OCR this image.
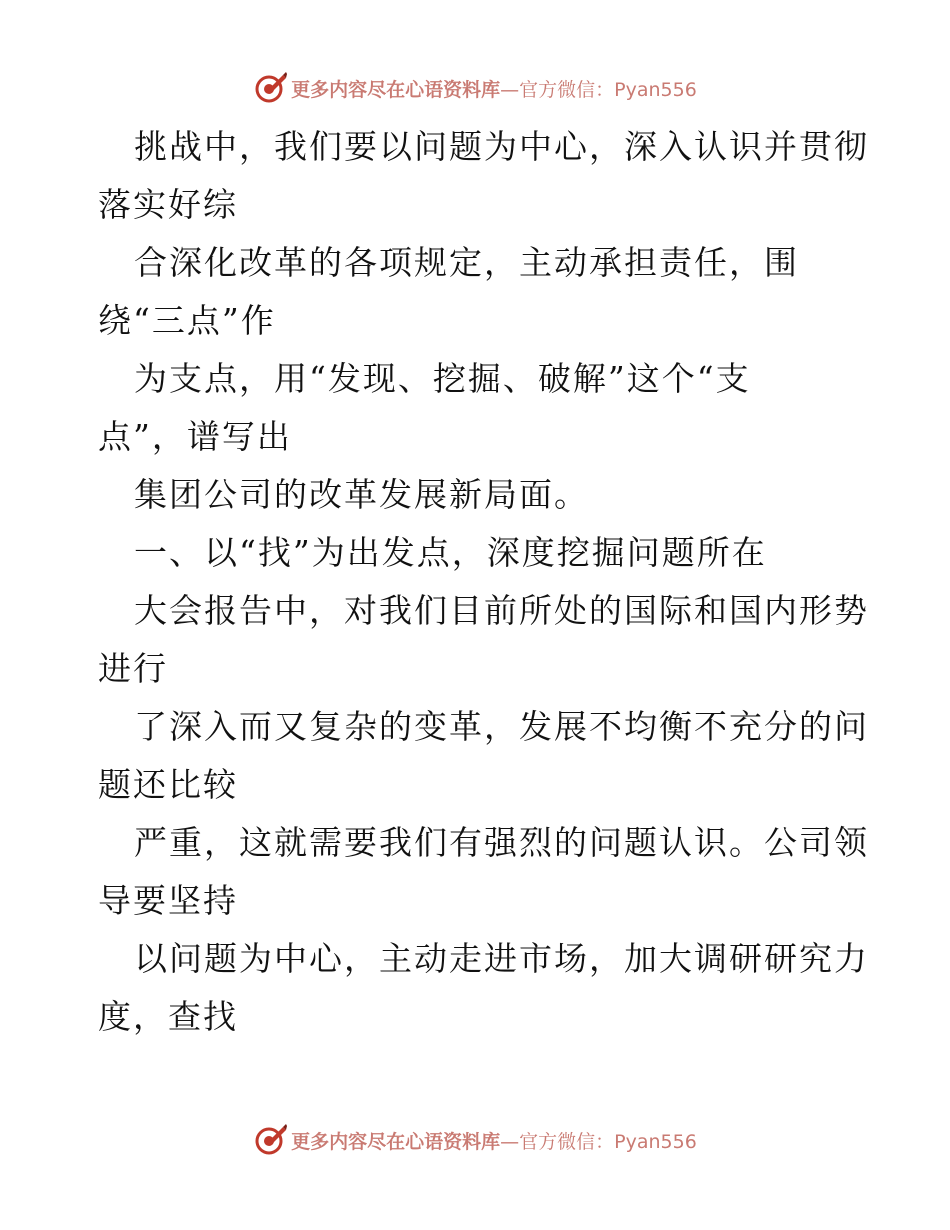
更多内容尽在心语资料库—官方微信：Pyan556
挑战中，我们要以问题为中心，深入认识并贯彻
落实好综
合深化改革的各项规定，主动承担责任，围
绕“三点”作
为支点，用“发现、挖掘、破解”这个“支
点”，谱写出
集团公司的改革发展新局面。
一、以“找”为出发点，深度挖掘问题所在
大会报告中，对我们目前所处的国际和国内形势
进行
了深入而又复杂的变革，发展不均衡不充分的问
题还比较
严重，这就需要我们有强烈的问题认识。公司领
导要坚持
以问题为中心，主动走进市场，加大调研研究力
度，查找
更多内容尽在心语资料库—官方微信：Pyan556
